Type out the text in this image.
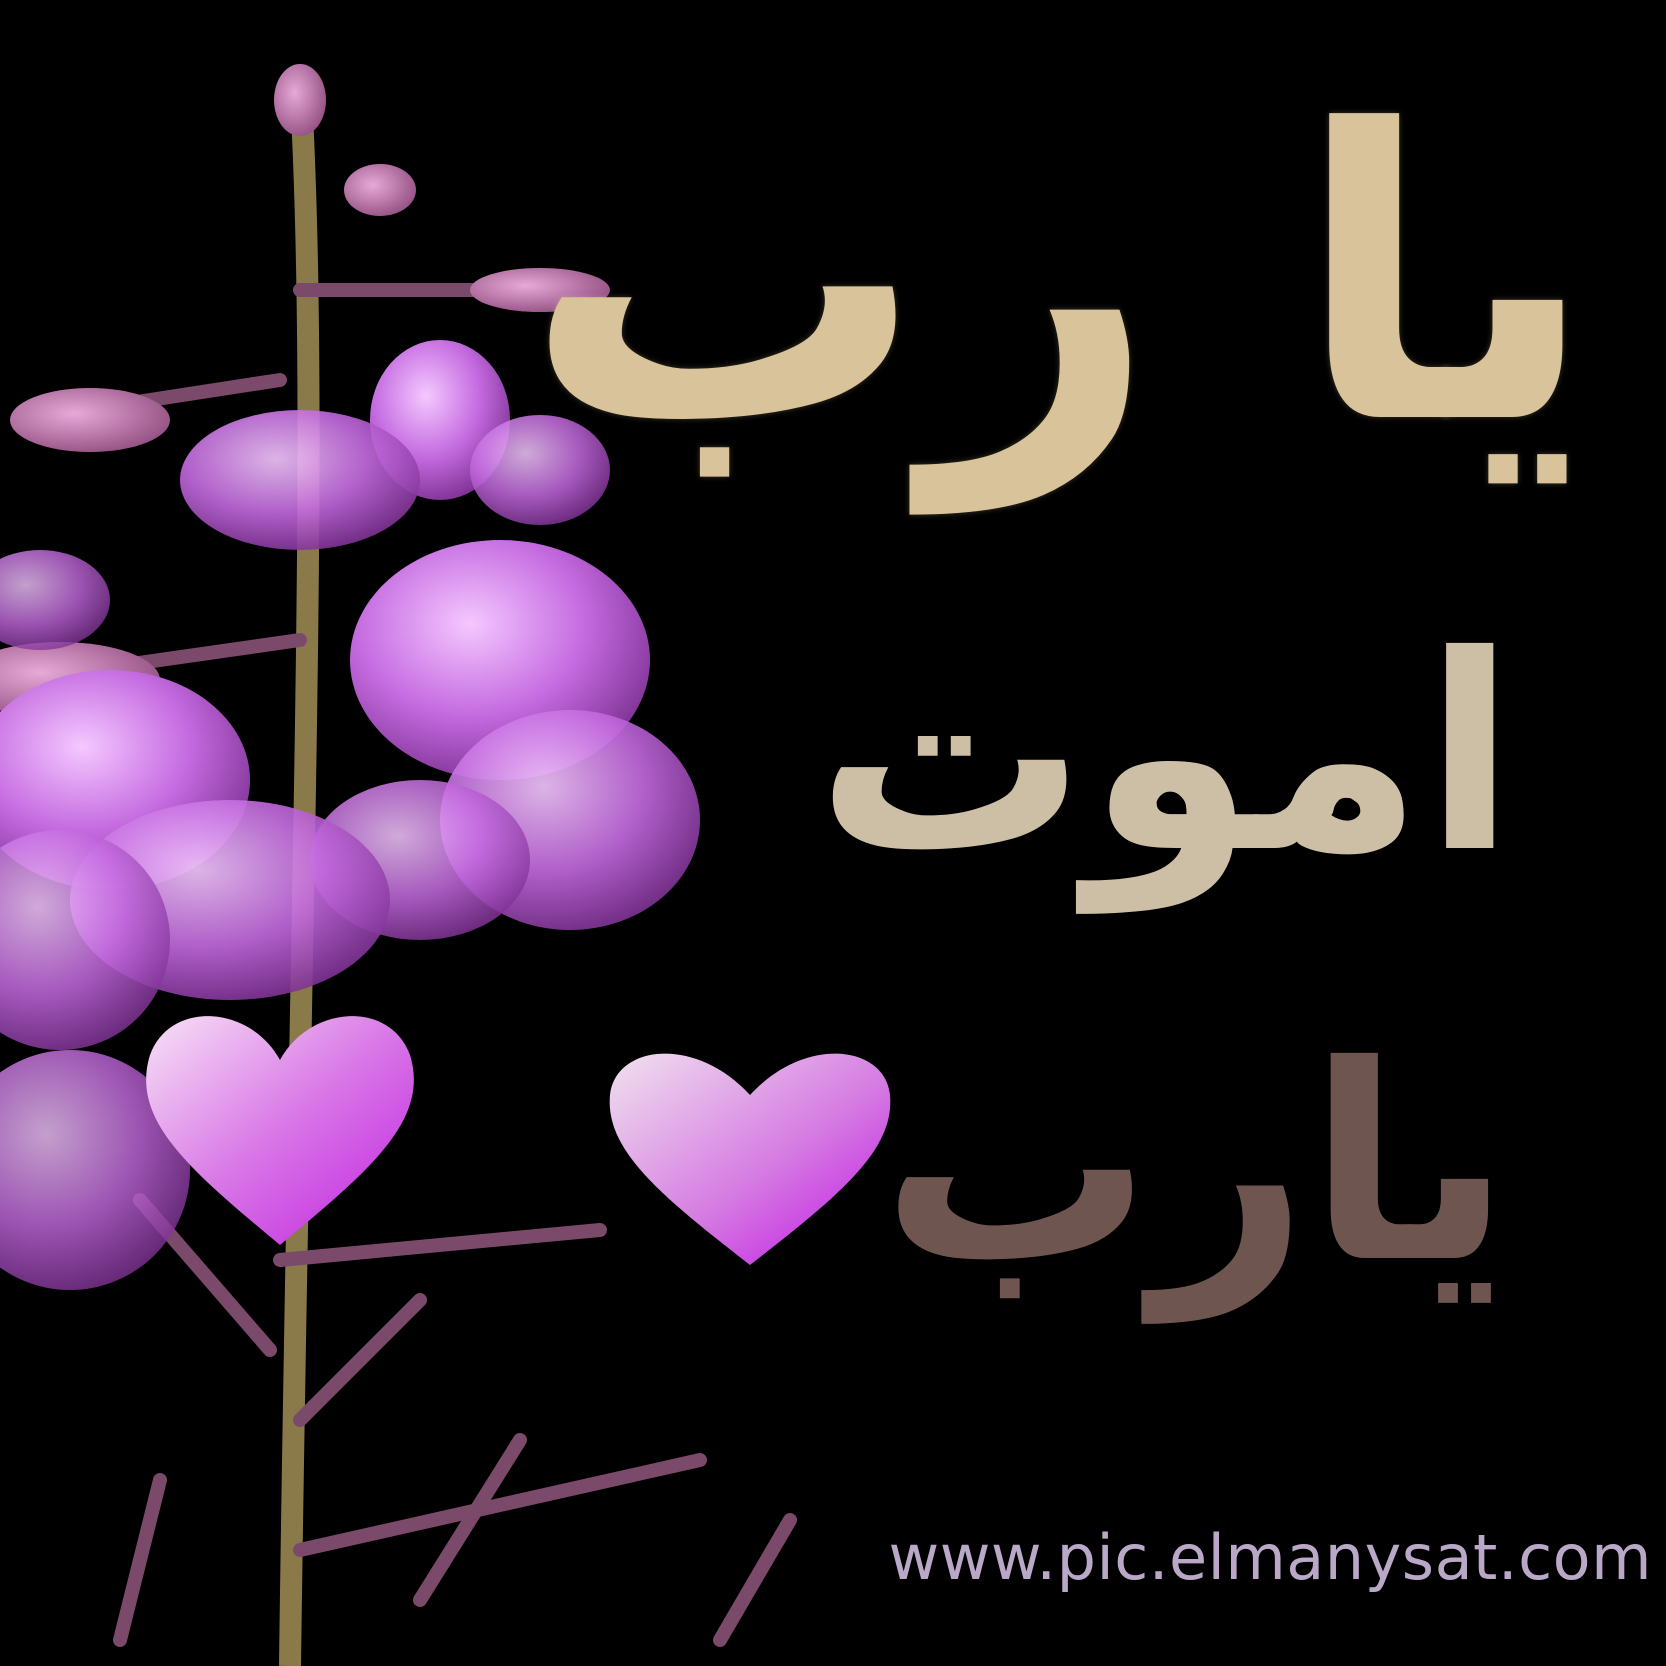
يا رب
اموت
يارب
www.pic.elmanysat.com
